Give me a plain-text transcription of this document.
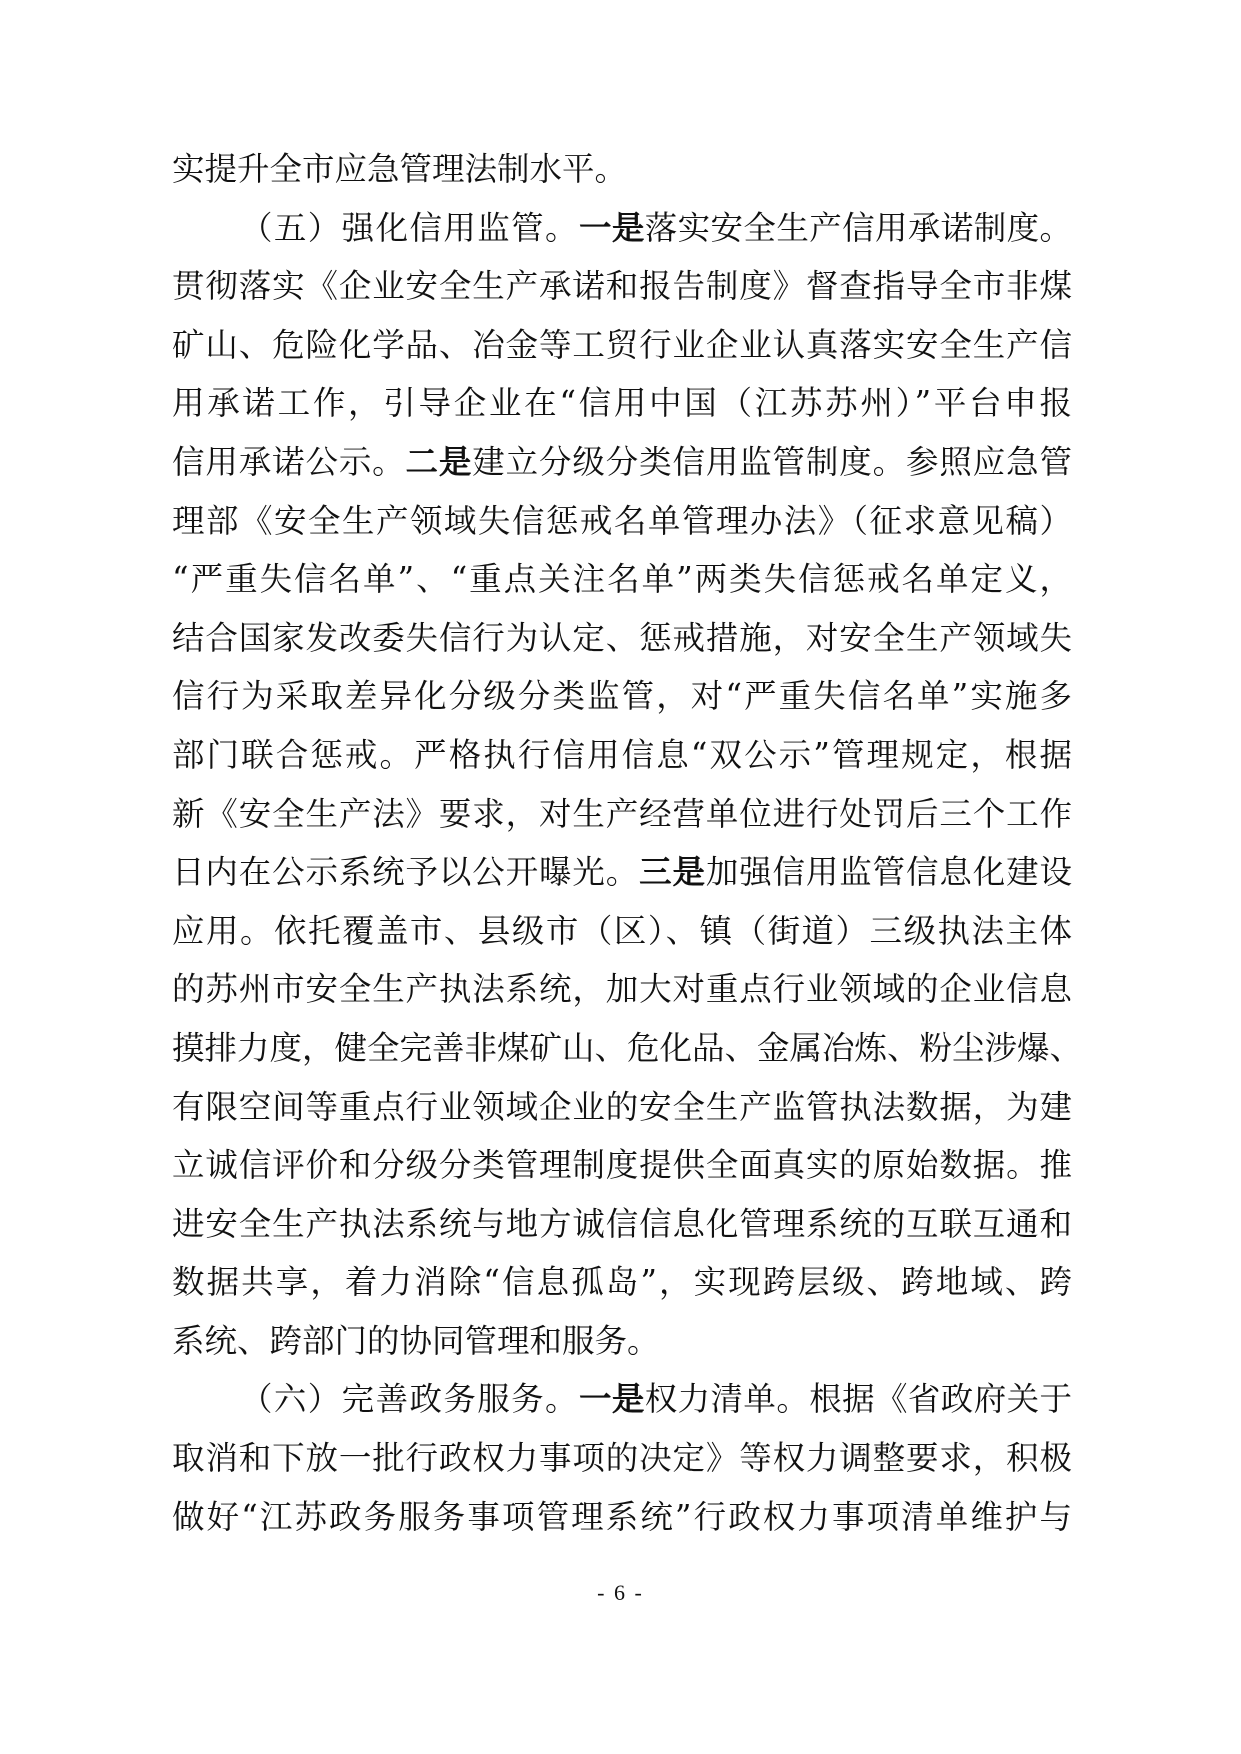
实提升全市应急管理法制水平。
（五）强化信用监管。一是落实安全生产信用承诺制度。
贯彻落实《企业安全生产承诺和报告制度》督查指导全市非煤
矿山、危险化学品、冶金等工贸行业企业认真落实安全生产信
用承诺工作，引导企业在“信用中国（江苏苏州）”平台申报
信用承诺公示。二是建立分级分类信用监管制度。参照应急管
理部《安全生产领域失信惩戒名单管理办法》（征求意见稿）
“严重失信名单”、“重点关注名单”两类失信惩戒名单定义，
结合国家发改委失信行为认定、惩戒措施，对安全生产领域失
信行为采取差异化分级分类监管，对“严重失信名单”实施多
部门联合惩戒。严格执行信用信息“双公示”管理规定，根据
新《安全生产法》要求，对生产经营单位进行处罚后三个工作
日内在公示系统予以公开曝光。三是加强信用监管信息化建设
应用。依托覆盖市、县级市（区）、镇（街道）三级执法主体
的苏州市安全生产执法系统，加大对重点行业领域的企业信息
摸排力度，健全完善非煤矿山、危化品、金属冶炼、粉尘涉爆、
有限空间等重点行业领域企业的安全生产监管执法数据，为建
立诚信评价和分级分类管理制度提供全面真实的原始数据。推
进安全生产执法系统与地方诚信信息化管理系统的互联互通和
数据共享，着力消除“信息孤岛”，实现跨层级、跨地域、跨
系统、跨部门的协同管理和服务。
（六）完善政务服务。一是权力清单。根据《省政府关于
取消和下放一批行政权力事项的决定》等权力调整要求，积极
做好“江苏政务服务事项管理系统”行政权力事项清单维护与
- 6 -
